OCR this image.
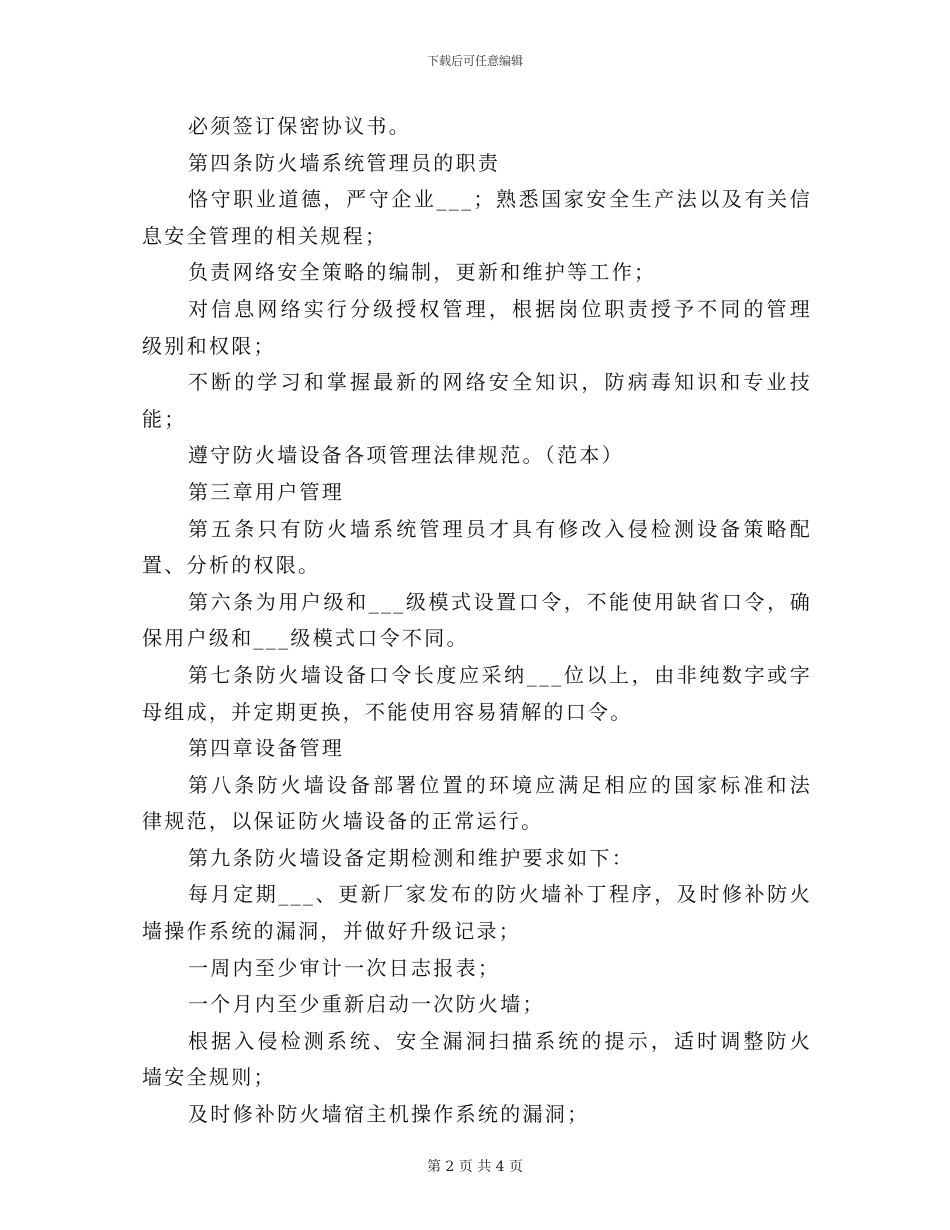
下载后可任意编辑

必须签订保密协议书。

第四条防火墙系统管理员的职责

恪守职业道德，严守企业___；熟悉国家安全生产法以及有关信息安全管理的相关规程；

负责网络安全策略的编制，更新和维护等工作；

对信息网络实行分级授权管理，根据岗位职责授予不同的管理级别和权限；

不断的学习和掌握最新的网络安全知识，防病毒知识和专业技能；

遵守防火墙设备各项管理法律规范。（范本）

第三章用户管理

第五条只有防火墙系统管理员才具有修改入侵检测设备策略配置、分析的权限。

第六条为用户级和___级模式设置口令，不能使用缺省口令，确保用户级和___级模式口令不同。

第七条防火墙设备口令长度应采纳___位以上，由非纯数字或字母组成，并定期更换，不能使用容易猜解的口令。

第四章设备管理

第八条防火墙设备部署位置的环境应满足相应的国家标准和法律规范，以保证防火墙设备的正常运行。

第九条防火墙设备定期检测和维护要求如下：

每月定期___、更新厂家发布的防火墙补丁程序，及时修补防火墙操作系统的漏洞，并做好升级记录；

一周内至少审计一次日志报表；

一个月内至少重新启动一次防火墙；

根据入侵检测系统、安全漏洞扫描系统的提示，适时调整防火墙安全规则；

及时修补防火墙宿主机操作系统的漏洞；

第 2 页 共 4 页
